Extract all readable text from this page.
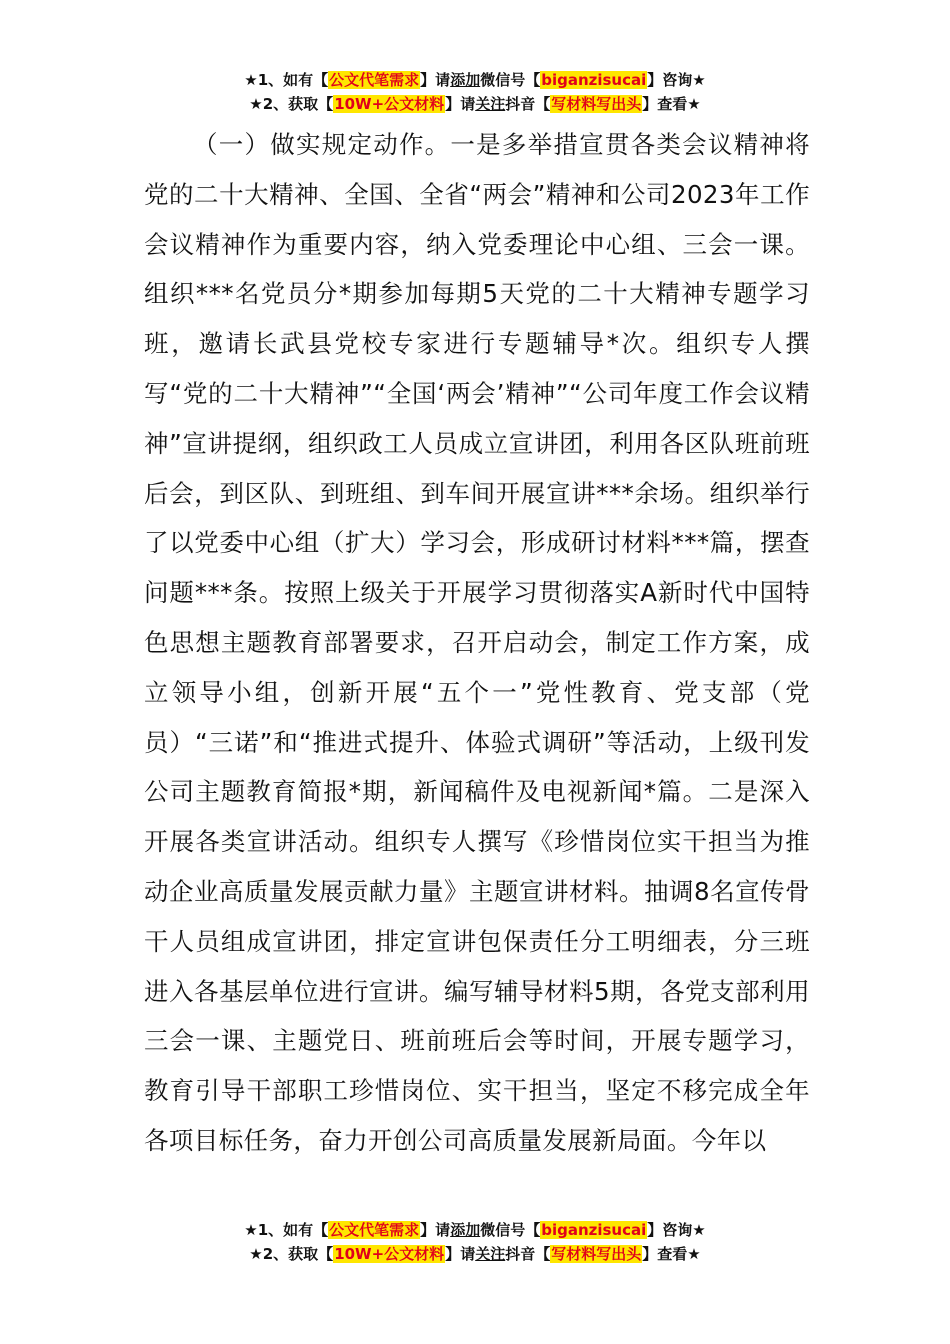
★1、如有【公文代笔需求】请添加微信号【biganzisucai】咨询★
★2、获取【10W+公文材料】请关注抖音【写材料写出头】查看★

（一）做实规定动作。一是多举措宣贯各类会议精神将党的二十大精神、全国、全省“两会”精神和公司2023年工作会议精神作为重要内容，纳入党委理论中心组、三会一课。组织***名党员分*期参加每期5天党的二十大精神专题学习班，邀请长武县党校专家进行专题辅导*次。组织专人撰写“党的二十大精神”“全国‘两会’精神”“公司年度工作会议精神”宣讲提纲，组织政工人员成立宣讲团，利用各区队班前班后会，到区队、到班组、到车间开展宣讲***余场。组织举行了以党委中心组（扩大）学习会，形成研讨材料***篇，摆查问题***条。按照上级关于开展学习贯彻落实A新时代中国特色思想主题教育部署要求，召开启动会，制定工作方案，成立领导小组，创新开展“五个一”党性教育、党支部（党员）“三诺”和“推进式提升、体验式调研”等活动，上级刊发公司主题教育简报*期，新闻稿件及电视新闻*篇。二是深入开展各类宣讲活动。组织专人撰写《珍惜岗位实干担当为推动企业高质量发展贡献力量》主题宣讲材料。抽调8名宣传骨干人员组成宣讲团，排定宣讲包保责任分工明细表，分三班进入各基层单位进行宣讲。编写辅导材料5期，各党支部利用三会一课、主题党日、班前班后会等时间，开展专题学习，教育引导干部职工珍惜岗位、实干担当，坚定不移完成全年各项目标任务，奋力开创公司高质量发展新局面。今年以

★1、如有【公文代笔需求】请添加微信号【biganzisucai】咨询★
★2、获取【10W+公文材料】请关注抖音【写材料写出头】查看★
